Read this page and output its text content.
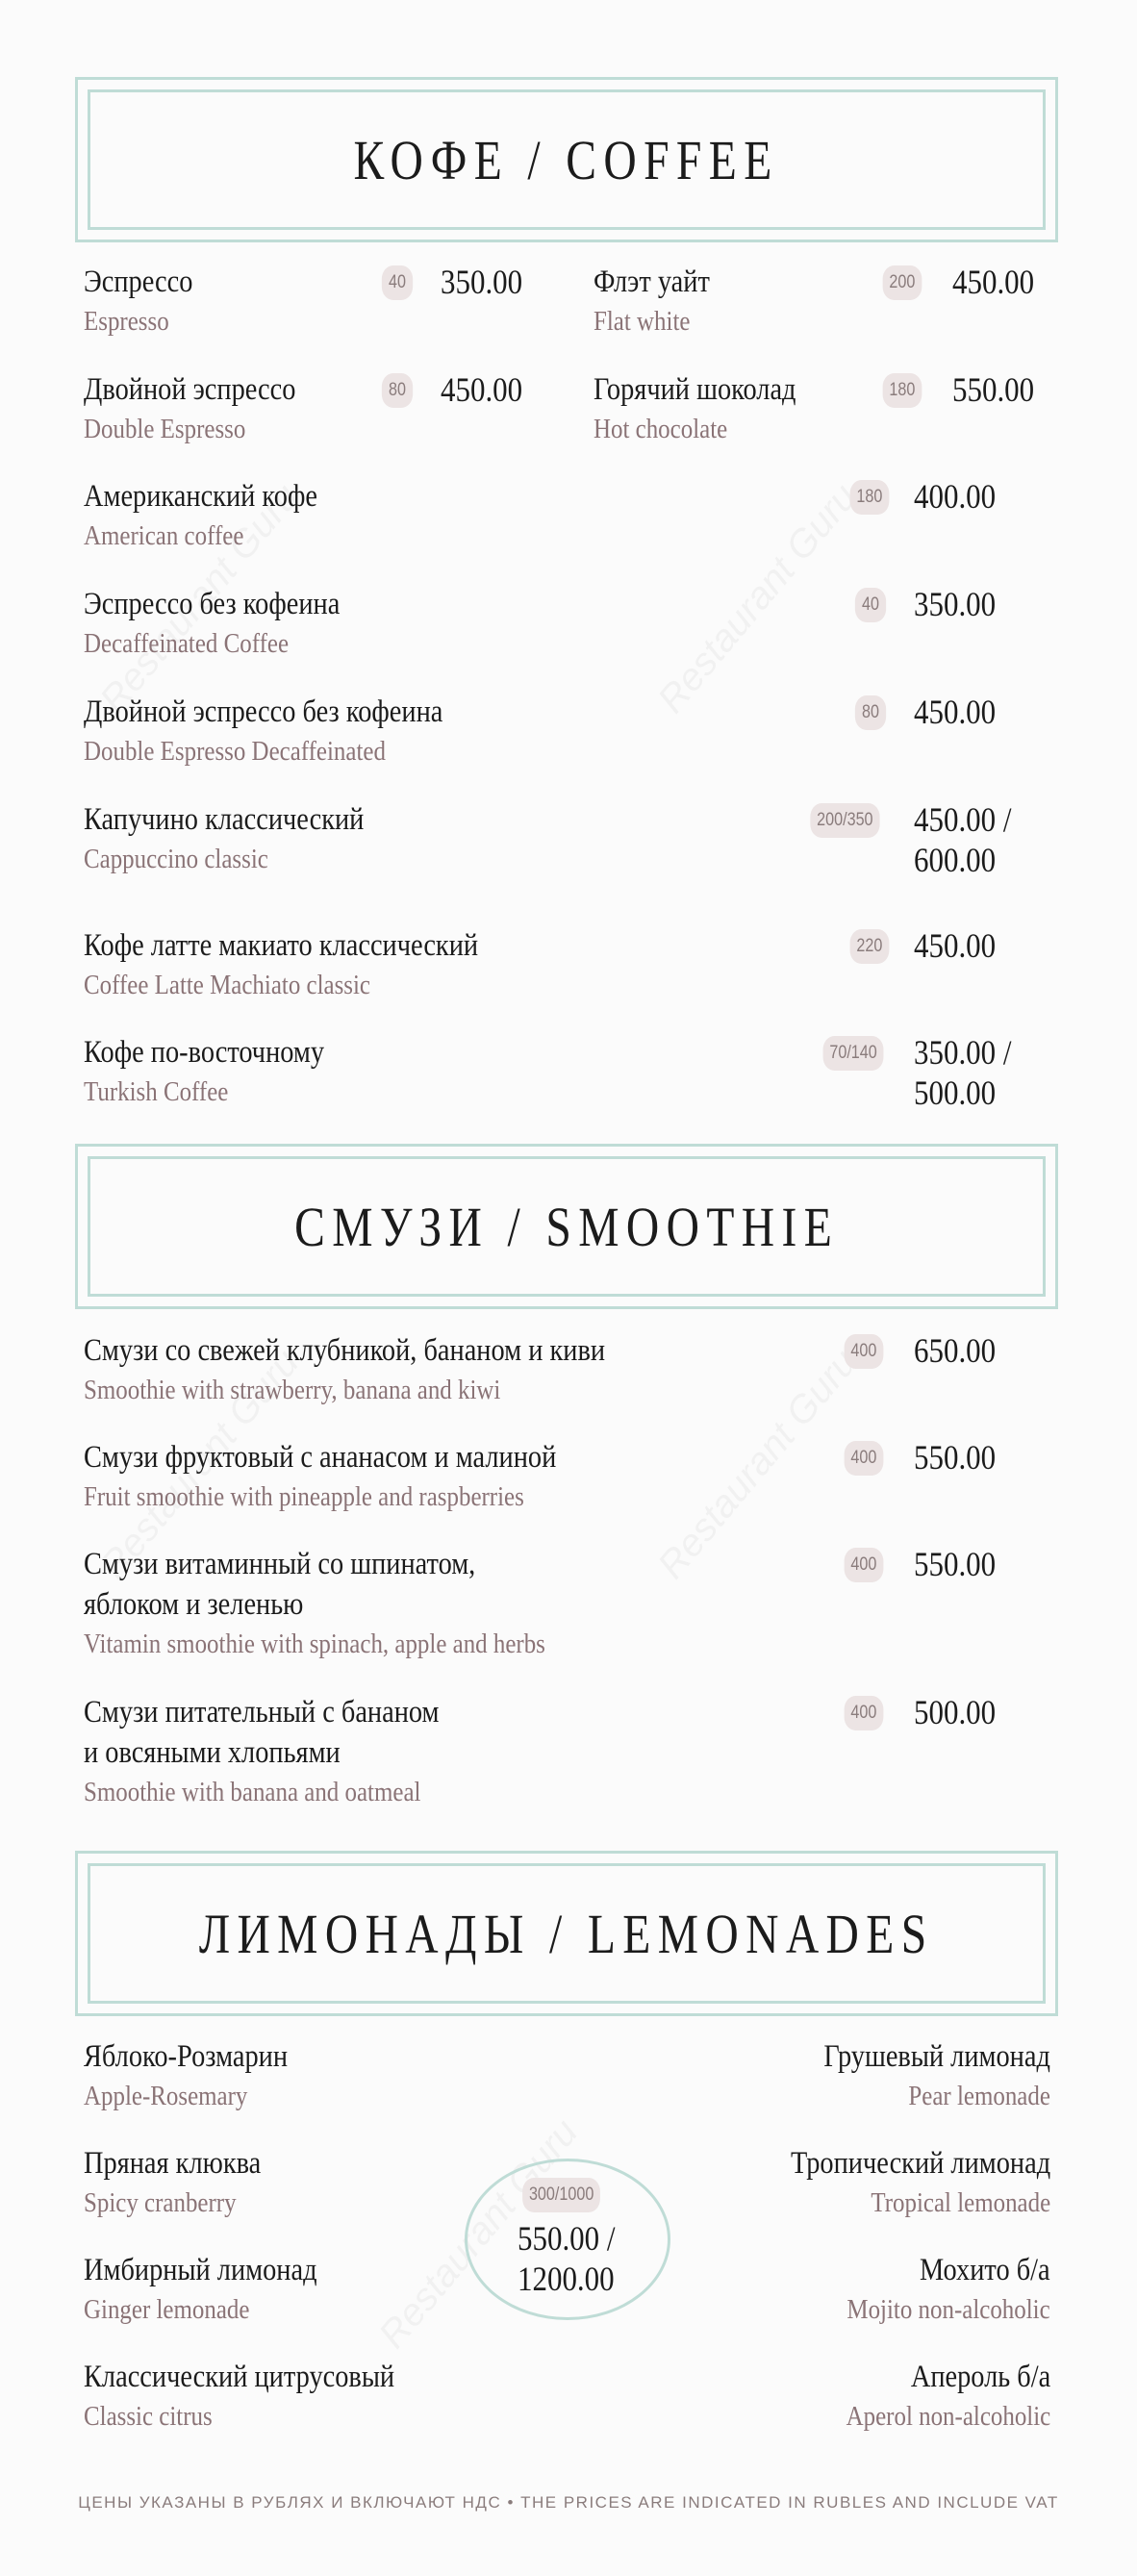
КОФЕ / COFFEE
Эспрессо
Espresso
40 350.00 Флэт уайт
Flat white
200 450.00
Двойной эспрессо
Double Espresso
80 450.00 Горячий шоколад
Hot chocolate
180 550.00
Американский кофе
American coffee
180 400.00
Эспрессо без кофеина
Decaffeinated Coffee
40 350.00
Двойной эспрессо без кофеина
Double Espresso Decaffeinated
80 450.00
Капучино классический
Cappuccino classic
200/350 450.00 /
600.00
Кофе латте макиато классический
Coffee Latte Machiato classic
220 450.00
Кофе по-восточному
Turkish Coffee
70/140 350.00 /
500.00
СМУЗИ / SMOOTHIE
Смузи со свежей клубникой, бананом и киви
Smoothie with strawberry, banana and kiwi
400 650.00
Смузи фруктовый с ананасом и малиной
Fruit smoothie with pineapple and raspberries
400 550.00
Смузи витаминный со шпинатом,
яблоком и зеленью
Vitamin smoothie with spinach, apple and herbs
400 550.00
Смузи питательный с бананом
и овсяными хлопьями
Smoothie with banana and oatmeal
400 500.00
ЛИМОНАДЫ / LEMONADES
Яблоко-Розмарин
Apple-Rosemary
Пряная клюква
Spicy cranberry
Имбирный лимонад
Ginger lemonade
Классический цитрусовый
Classic citrus
Грушевый лимонад
Pear lemonade
Тропический лимонад
Tropical lemonade
Мохито б/а
Mojito non-alcoholic
Апероль б/а
Aperol non-alcoholic
300/1000
550.00 /
1200.00
ЦЕНЫ УКАЗАНЫ В РУБЛЯХ И ВКЛЮЧАЮТ НДС • THE PRICES ARE INDICATED IN RUBLES AND INCLUDE VAT
